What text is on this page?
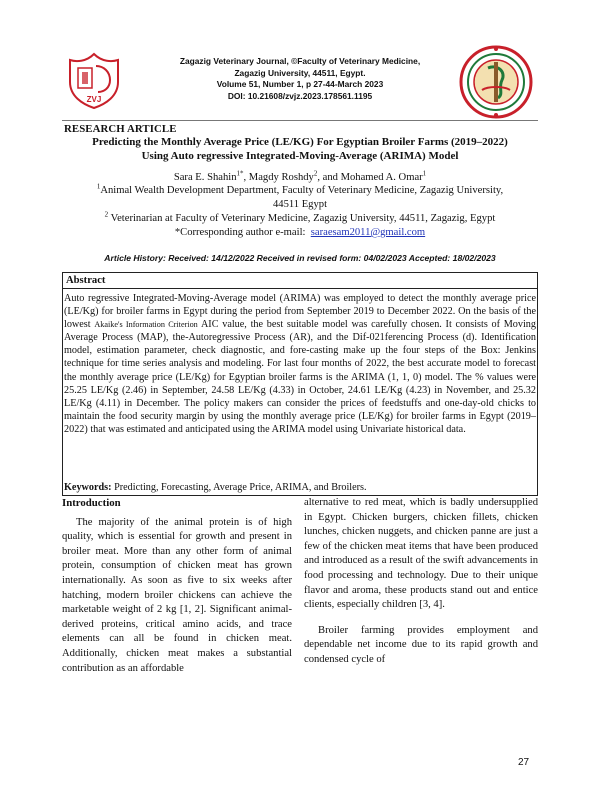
ZVJ
Zagazig Veterinary Journal, ©Faculty of Veterinary Medicine,
Zagazig University, 44511, Egypt.
Volume 51, Number 1, p 27-44-March 2023
DOI: 10.21608/zvjz.2023.178561.1195
RESEARCH ARTICLE
Predicting the Monthly Average Price (LE/KG) For Egyptian Broiler Farms (2019–2022)
Using Auto regressive Integrated-Moving-Average (ARIMA) Model
Sara E. Shahin$^{1*}$, Magdy Roshdy$^2$, and Mohamed A. Omar$^1$
$^1$Animal Wealth Development Department, Faculty of Veterinary Medicine, Zagazig University,
44511 Egypt
$^2$ Veterinarian at Faculty of Veterinary Medicine, Zagazig University, 44511, Zagazig, Egypt
*Corresponding author e-mail: saraesam2011@gmail.com
Article History: Received: 14/12/2022 Received in revised form: 04/02/2023 Accepted: 18/02/2023
Abstract
Auto regressive Integrated-Moving-Average model (ARIMA) was employed to detect the monthly average price (LE/Kg) for broiler farms in Egypt during the period from September 2019 to December 2022. On the basis of the lowest Akaike's Information Criterion AIC value, the best suitable model was carefully chosen. It consists of Moving Average Process (MAP), the-Autoregressive Process (AR), and the Dif-021ferencing Process (d). Identification model, estimation parameter, check diagnostic, and fore-casting make up the four steps of the Box: Jenkins technique for time series analysis and modeling. For last four months of 2022, the best accurate model to forecast the monthly average price (LE/Kg) for Egyptian broiler farms is the ARIMA (1, 1, 0) model. The % values were 25.25 LE/Kg (2.46) in September, 24.58 LE/Kg (4.33) in October, 24.61 LE/Kg (4.23) in November, and 25.32 LE/Kg (4.11) in December. The policy makers can consider the prices of feedstuffs and one-day-old chicks to maintain the food security margin by using the monthly average price (LE/Kg) for broiler farms in Egypt (2019–2022) that was estimated and anticipated using the ARIMA model using Univariate historical data.
Keywords: Predicting, Forecasting, Average Price, ARIMA, and Broilers.

Introduction

The majority of the animal protein is of high quality, which is essential for growth and present in broiler meat. More than any other form of animal protein, consumption of chicken meat has grown internationally. As soon as five to six weeks after hatching, modern broiler chickens can achieve the marketable weight of 2 kg [1, 2]. Significant animal-derived proteins, critical amino acids, and trace elements can all be found in chicken meat. Additionally, chicken meat makes a substantial contribution as an affordable

alternative to red meat, which is badly undersupplied in Egypt. Chicken burgers, chicken fillets, chicken lunches, chicken nuggets, and chicken panne are just a few of the chicken meat items that have been produced and introduced as a result of the swift advancements in food processing and technology. Due to their unique flavor and aroma, these products stand out and entice clients, especially children [3, 4].

Broiler farming provides employment and dependable net income due to its rapid growth and condensed cycle of

27
